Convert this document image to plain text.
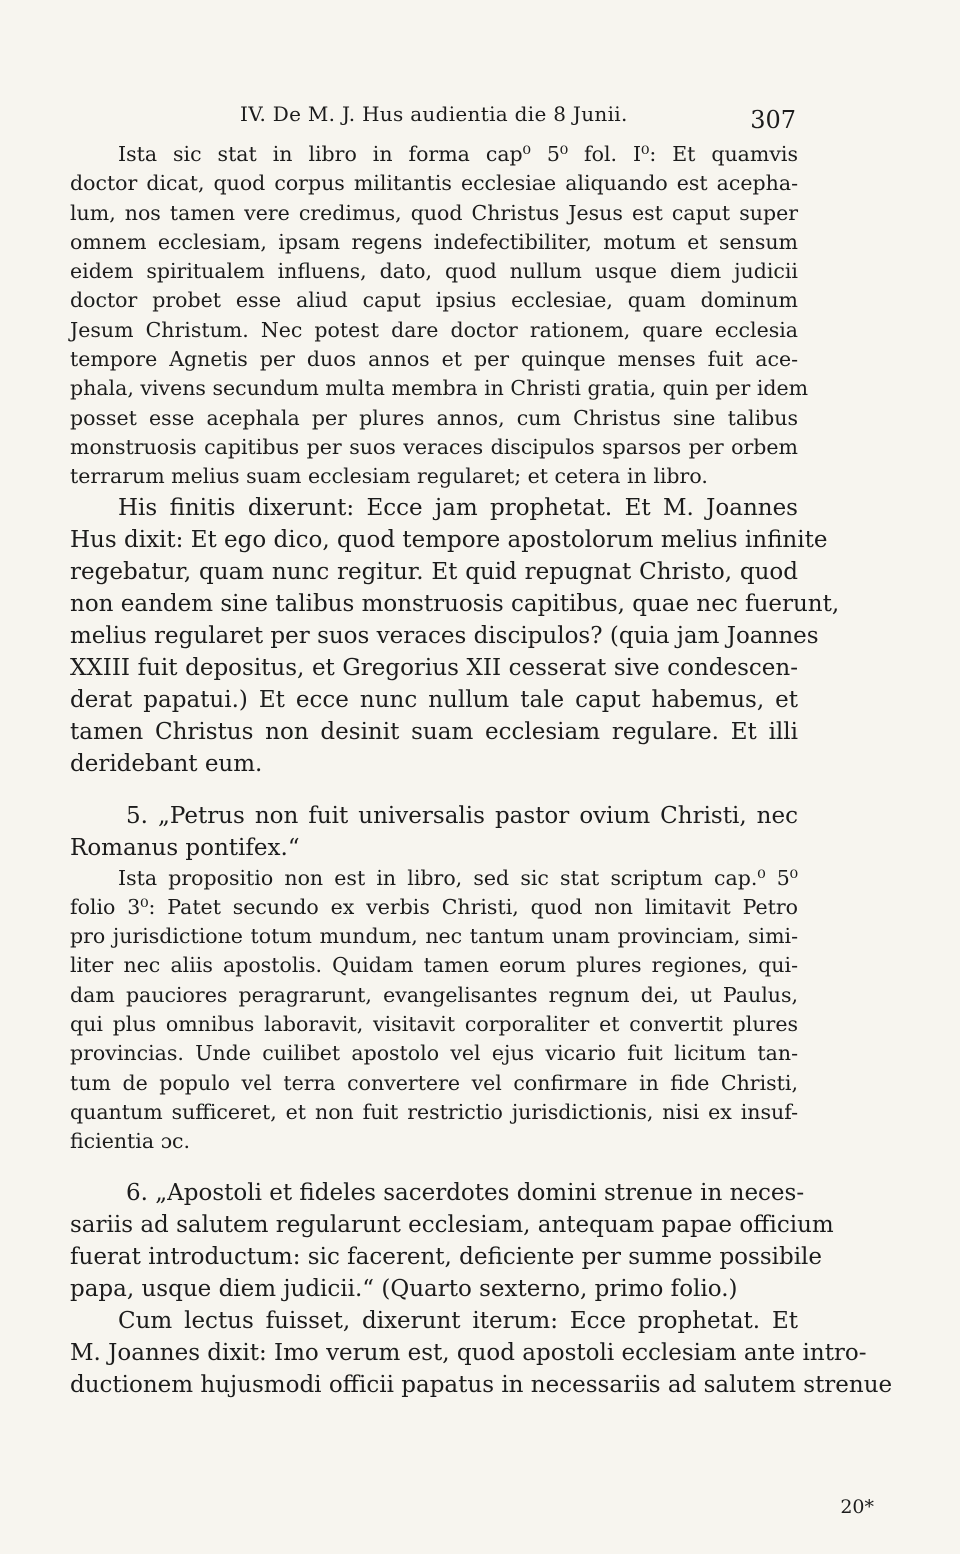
IV. De M. J. Hus audientia die 8 Junii.	307
Ista sic stat in libro in forma cap⁰ 5⁰ fol. I⁰: Et quamvis
doctor dicat, quod corpus militantis ecclesiae aliquando est acepha-
lum, nos tamen vere credimus, quod Christus Jesus est caput super
omnem ecclesiam, ipsam regens indefectibiliter, motum et sensum
eidem spiritualem influens, dato, quod nullum usque diem judicii
doctor probet esse aliud caput ipsius ecclesiae, quam dominum
Jesum Christum. Nec potest dare doctor rationem, quare ecclesia
tempore Agnetis per duos annos et per quinque menses fuit ace-
phala, vivens secundum multa membra in Christi gratia, quin per idem
posset esse acephala per plures annos, cum Christus sine talibus
monstruosis capitibus per suos veraces discipulos sparsos per orbem
terrarum melius suam ecclesiam regularet; et cetera in libro.
His finitis dixerunt: Ecce jam prophetat. Et M. Joannes
Hus dixit: Et ego dico, quod tempore apostolorum melius infinite
regebatur, quam nunc regitur. Et quid repugnat Christo, quod
non eandem sine talibus monstruosis capitibus, quae nec fuerunt,
melius regularet per suos veraces discipulos? (quia jam Joannes
XXIII fuit depositus, et Gregorius XII cesserat sive condescen-
derat papatui.) Et ecce nunc nullum tale caput habemus, et
tamen Christus non desinit suam ecclesiam regulare. Et illi
deridebant eum.
5. „Petrus non fuit universalis pastor ovium Christi, nec
Romanus pontifex.“
Ista propositio non est in libro, sed sic stat scriptum cap.⁰ 5⁰
folio 3⁰: Patet secundo ex verbis Christi, quod non limitavit Petro
pro jurisdictione totum mundum, nec tantum unam provinciam, simi-
liter nec aliis apostolis. Quidam tamen eorum plures regiones, qui-
dam pauciores peragrarunt, evangelisantes regnum dei, ut Paulus,
qui plus omnibus laboravit, visitavit corporaliter et convertit plures
provincias. Unde cuilibet apostolo vel ejus vicario fuit licitum tan-
tum de populo vel terra convertere vel confirmare in fide Christi,
quantum sufficeret, et non fuit restrictio jurisdictionis, nisi ex insuf-
ficientia ɔc.
6. „Apostoli et fideles sacerdotes domini strenue in neces-
sariis ad salutem regularunt ecclesiam, antequam papae officium
fuerat introductum: sic facerent, deficiente per summe possibile
papa, usque diem judicii.“ (Quarto sexterno, primo folio.)
Cum lectus fuisset, dixerunt iterum: Ecce prophetat. Et
M. Joannes dixit: Imo verum est, quod apostoli ecclesiam ante intro-
ductionem hujusmodi officii papatus in necessariis ad salutem strenue
20*
